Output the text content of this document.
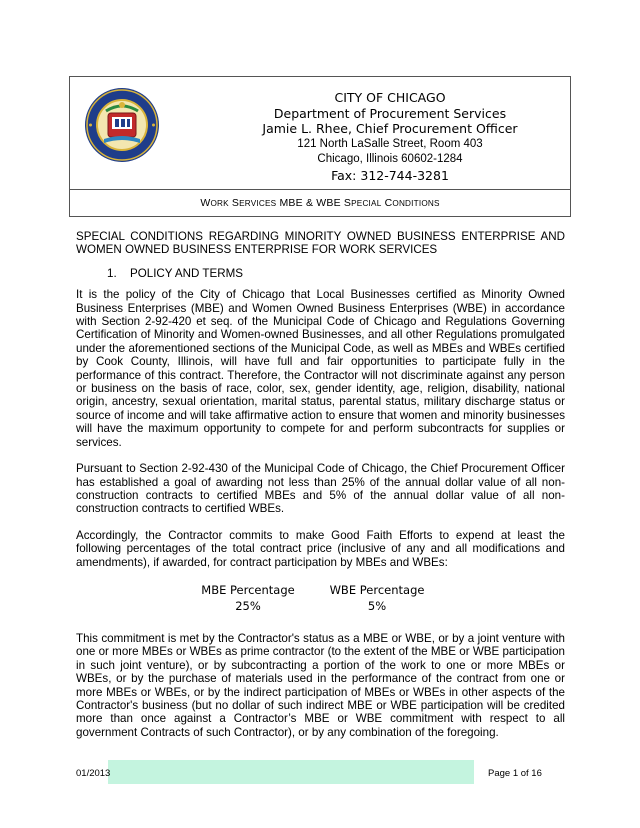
CITY OF CHICAGO
Department of Procurement Services
Jamie L. Rhee, Chief Procurement Officer
121 North LaSalle Street, Room 403
Chicago, Illinois 60602-1284
Fax: 312-744-3281
WORK SERVICES MBE & WBE SPECIAL CONDITIONS
SPECIAL CONDITIONS REGARDING MINORITY OWNED BUSINESS ENTERPRISE AND WOMEN OWNED BUSINESS ENTERPRISE FOR WORK SERVICES
1. POLICY AND TERMS

It is the policy of the City of Chicago that Local Businesses certified as Minority Owned Business Enterprises (MBE) and Women Owned Business Enterprises (WBE) in accordance with Section 2-92-420 et seq. of the Municipal Code of Chicago and Regulations Governing Certification of Minority and Women-owned Businesses, and all other Regulations promulgated under the aforementioned sections of the Municipal Code, as well as MBEs and WBEs certified by Cook County, Illinois, will have full and fair opportunities to participate fully in the performance of this contract. Therefore, the Contractor will not discriminate against any person or business on the basis of race, color, sex, gender identity, age, religion, disability, national origin, ancestry, sexual orientation, marital status, parental status, military discharge status or source of income and will take affirmative action to ensure that women and minority businesses will have the maximum opportunity to compete for and perform subcontracts for supplies or services.

Pursuant to Section 2-92-430 of the Municipal Code of Chicago, the Chief Procurement Officer has established a goal of awarding not less than 25% of the annual dollar value of all non-construction contracts to certified MBEs and 5% of the annual dollar value of all non-construction contracts to certified WBEs.

Accordingly, the Contractor commits to make Good Faith Efforts to expend at least the following percentages of the total contract price (inclusive of any and all modifications and amendments), if awarded, for contract participation by MBEs and WBEs:

MBE Percentage
25%
WBE Percentage
5%

This commitment is met by the Contractor's status as a MBE or WBE, or by a joint venture with one or more MBEs or WBEs as prime contractor (to the extent of the MBE or WBE participation in such joint venture), or by subcontracting a portion of the work to one or more MBEs or WBEs, or by the purchase of materials used in the performance of the contract from one or more MBEs or WBEs, or by the indirect participation of MBEs or WBEs in other aspects of the Contractor's business (but no dollar of such indirect MBE or WBE participation will be credited more than once against a Contractor’s MBE or WBE commitment with respect to all government Contracts of such Contractor), or by any combination of the foregoing.

01/2013	Page 1 of 16
